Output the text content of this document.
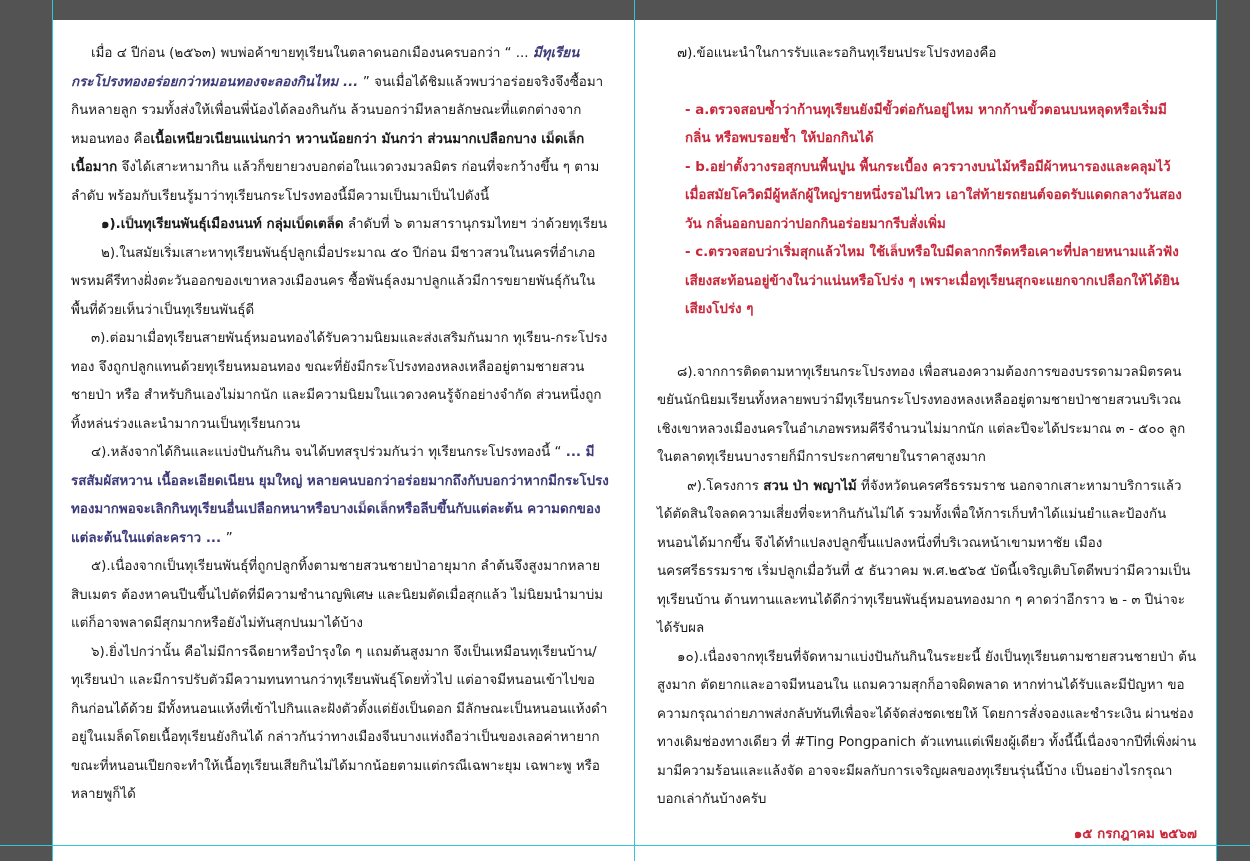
เมื่อ ๔ ปีก่อน (๒๕๖๓) พบพ่อค้าขายทุเรียนในตลาดนอกเมืองนครบอกว่า “ ... มีทุเรียนกระโปรงทองอร่อยกว่าหมอนทองจะลองกินไหม ... ” จนเมื่อได้ชิมแล้วพบว่าอร่อยจริงจึงซื้อมากินหลายลูก รวมทั้งส่งให้เพื่อนพี่น้องได้ลองกินกัน ล้วนบอกว่ามีหลายลักษณะที่แตกต่างจากหมอนทอง คือเนื้อเหนียวเนียนแน่นกว่า หวานน้อยกว่า มันกว่า ส่วนมากเปลือกบาง เม็ดเล็ก เนื้อมาก จึงได้เสาะหามากิน แล้วก็ขยายวงบอกต่อในแวดวงมวลมิตร ก่อนที่จะกว้างขึ้น ๆ ตามลำดับ พร้อมกับเรียนรู้มาว่าทุเรียนกระโปรงทองนี้มีความเป็นมาเป็นไปดังนี้

๑).เป็นทุเรียนพันธุ์เมืองนนท์ กลุ่มเบ็ดเตล็ด ลำดับที่ ๖ ตามสารานุกรมไทยฯ ว่าด้วยทุเรียน

๒).ในสมัยเริ่มเสาะหาทุเรียนพันธุ์ปลูกเมื่อประมาณ ๕๐ ปีก่อน มีชาวสวนในนครที่อำเภอพรหมคีรีทางฝั่งตะวันออกของเขาหลวงเมืองนคร ซื้อพันธุ์ลงมาปลูกแล้วมีการขยายพันธุ์กันในพื้นที่ด้วยเห็นว่าเป็นทุเรียนพันธุ์ดี

๓).ต่อมาเมื่อทุเรียนสายพันธุ์หมอนทองได้รับความนิยมและส่งเสริมกันมาก ทุเรียน-กระโปรงทอง จึงถูกปลูกแทนด้วยทุเรียนหมอนทอง ขณะที่ยังมีกระโปรงทองหลงเหลืออยู่ตามชายสวน ชายป่า หรือ สำหรับกินเองไม่มากนัก และมีความนิยมในแวดวงคนรู้จักอย่างจำกัด ส่วนหนึ่งถูกทิ้งหล่นร่วงและนำมากวนเป็นทุเรียนกวน

๔).หลังจากได้กินและแบ่งปันกันกิน จนได้บทสรุปร่วมกันว่า ทุเรียนกระโปรงทองนี้ “ ... มีรสสัมผัสหวาน เนื้อละเอียดเนียน ยุมใหญ่ หลายคนบอกว่าอร่อยมากถึงกับบอกว่าหากมีกระโปรงทองมากพอจะเลิกกินทุเรียนอื่นเปลือกหนาหรือบางเม็ดเล็กหรือลีบขึ้นกับแต่ละต้น ความดกของแต่ละต้นในแต่ละคราว ... ”

๕).เนื่องจากเป็นทุเรียนพันธุ์ที่ถูกปลูกทิ้งตามชายสวนชายป่าอายุมาก ลำต้นจึงสูงมากหลายสิบเมตร ต้องหาคนปีนขึ้นไปตัดที่มีความชำนาญพิเศษ และนิยมตัดเมื่อสุกแล้ว ไม่นิยมนำมาบ่ม แต่ก็อาจพลาดมีสุกมากหรือยังไม่ทันสุกปนมาได้บ้าง

๖).ยิ่งไปกว่านั้น คือไม่มีการฉีดยาหรือบำรุงใด ๆ แถมต้นสูงมาก จึงเป็นเหมือนทุเรียนบ้าน/ทุเรียนป่า และมีการปรับตัวมีความทนทานกว่าทุเรียนพันธุ์โดยทั่วไป แต่อาจมีหนอนเข้าไปขอกินก่อนได้ด้วย มีทั้งหนอนแห้งที่เข้าไปกินและฝังตัวตั้งแต่ยังเป็นดอก มีลักษณะเป็นหนอนแห้งดำอยู่ในเมล็ดโดยเนื้อทุเรียนยังกินได้ กล่าวกันว่าทางเมืองจีนบางแห่งถือว่าเป็นของเลอค่าหายาก ขณะที่หนอนเปียกจะทำให้เนื้อทุเรียนเสียกินไม่ได้มากน้อยตามแต่กรณีเฉพาะยุม เฉพาะพู หรือหลายพูก็ได้

๗).ข้อแนะนำในการรับและรอกินทุเรียนประโปรงทองคือ

- a.ตรวจสอบซ้ำว่าก้านทุเรียนยังมีขั้วต่อกันอยู่ไหม หากก้านขั้วตอนบนหลุดหรือเริ่มมีกลิ่น หรือพบรอยช้ำ ให้ปอกกินได้

- b.อย่าตั้งวางรอสุกบนพื้นปูน พื้นกระเบื้อง ควรวางบนไม้หรือมีผ้าหนารองและคลุมไว้ เมื่อสมัยโควิดมีผู้หลักผู้ใหญ่รายหนึ่งรอไม่ไหว เอาใส่ท้ายรถยนต์จอดรับแดดกลางวันสองวัน กลิ่นออกบอกว่าปอกกินอร่อยมากรีบสั่งเพิ่ม

- c.ตรวจสอบว่าเริ่มสุกแล้วไหม ใช้เล็บหรือใบมีดลากกรีดหรือเคาะที่ปลายหนามแล้วฟังเสียงสะท้อนอยู่ข้างในว่าแน่นหรือโปร่ง ๆ เพราะเมื่อทุเรียนสุกจะแยกจากเปลือกให้ได้ยินเสียงโปร่ง ๆ

๘).จากการติดตามหาทุเรียนกระโปรงทอง เพื่อสนองความต้องการของบรรดามวลมิตรคนขยันนักนิยมเรียนทั้งหลายพบว่ามีทุเรียนกระโปรงทองหลงเหลืออยู่ตามชายป่าชายสวนบริเวณเชิงเขาหลวงเมืองนครในอำเภอพรหมคีรีจำนวนไม่มากนัก แต่ละปีจะได้ประมาณ ๓ - ๕๐๐ ลูก ในตลาดทุเรียนบางรายก็มีการประกาศขายในราคาสูงมาก

๙).โครงการ สวน ป่า พญาไม้ ที่จังหวัดนครศรีธรรมราช นอกจากเสาะหามาบริการแล้ว ได้ตัดสินใจลดความเสี่ยงที่จะหากินกันไม่ได้ รวมทั้งเพื่อให้การเก็บทำได้แม่นยำและป้องกันหนอนได้มากขึ้น จึงได้ทำแปลงปลูกขึ้นแปลงหนึ่งที่บริเวณหน้าเขามหาชัย เมืองนครศรีธรรมราช เริ่มปลูกเมื่อวันที่ ๕ ธันวาคม พ.ศ.๒๕๖๕ บัดนี้เจริญเติบโตดีพบว่ามีความเป็นทุเรียนบ้าน ต้านทานและทนได้ดีกว่าทุเรียนพันธุ์หมอนทองมาก ๆ คาดว่าอีกราว ๒ - ๓ ปีน่าจะได้รับผล

๑๐).เนื่องจากทุเรียนที่จัดหามาแบ่งปันกันกินในระยะนี้ ยังเป็นทุเรียนตามชายสวนชายป่า ต้นสูงมาก ตัดยากและอาจมีหนอนใน แถมความสุกก็อาจผิดพลาด หากท่านได้รับและมีปัญหา ขอความกรุณาถ่ายภาพส่งกลับทันทีเพื่อจะได้จัดส่งชดเชยให้ โดยการสั่งจองและชำระเงิน ผ่านช่องทางเดิมช่องทางเดียว ที่ #Ting Pongpanich ตัวแทนแต่เพียงผู้เดียว ทั้งนี้นี้เนื่องจากปีที่เพิ่งผ่านมามีความร้อนและแล้งจัด อาจจะมีผลกับการเจริญผลของทุเรียนรุ่นนี้บ้าง เป็นอย่างไรกรุณาบอกเล่ากันบ้างครับ

๑๕ กรกฎาคม ๒๕๖๗
